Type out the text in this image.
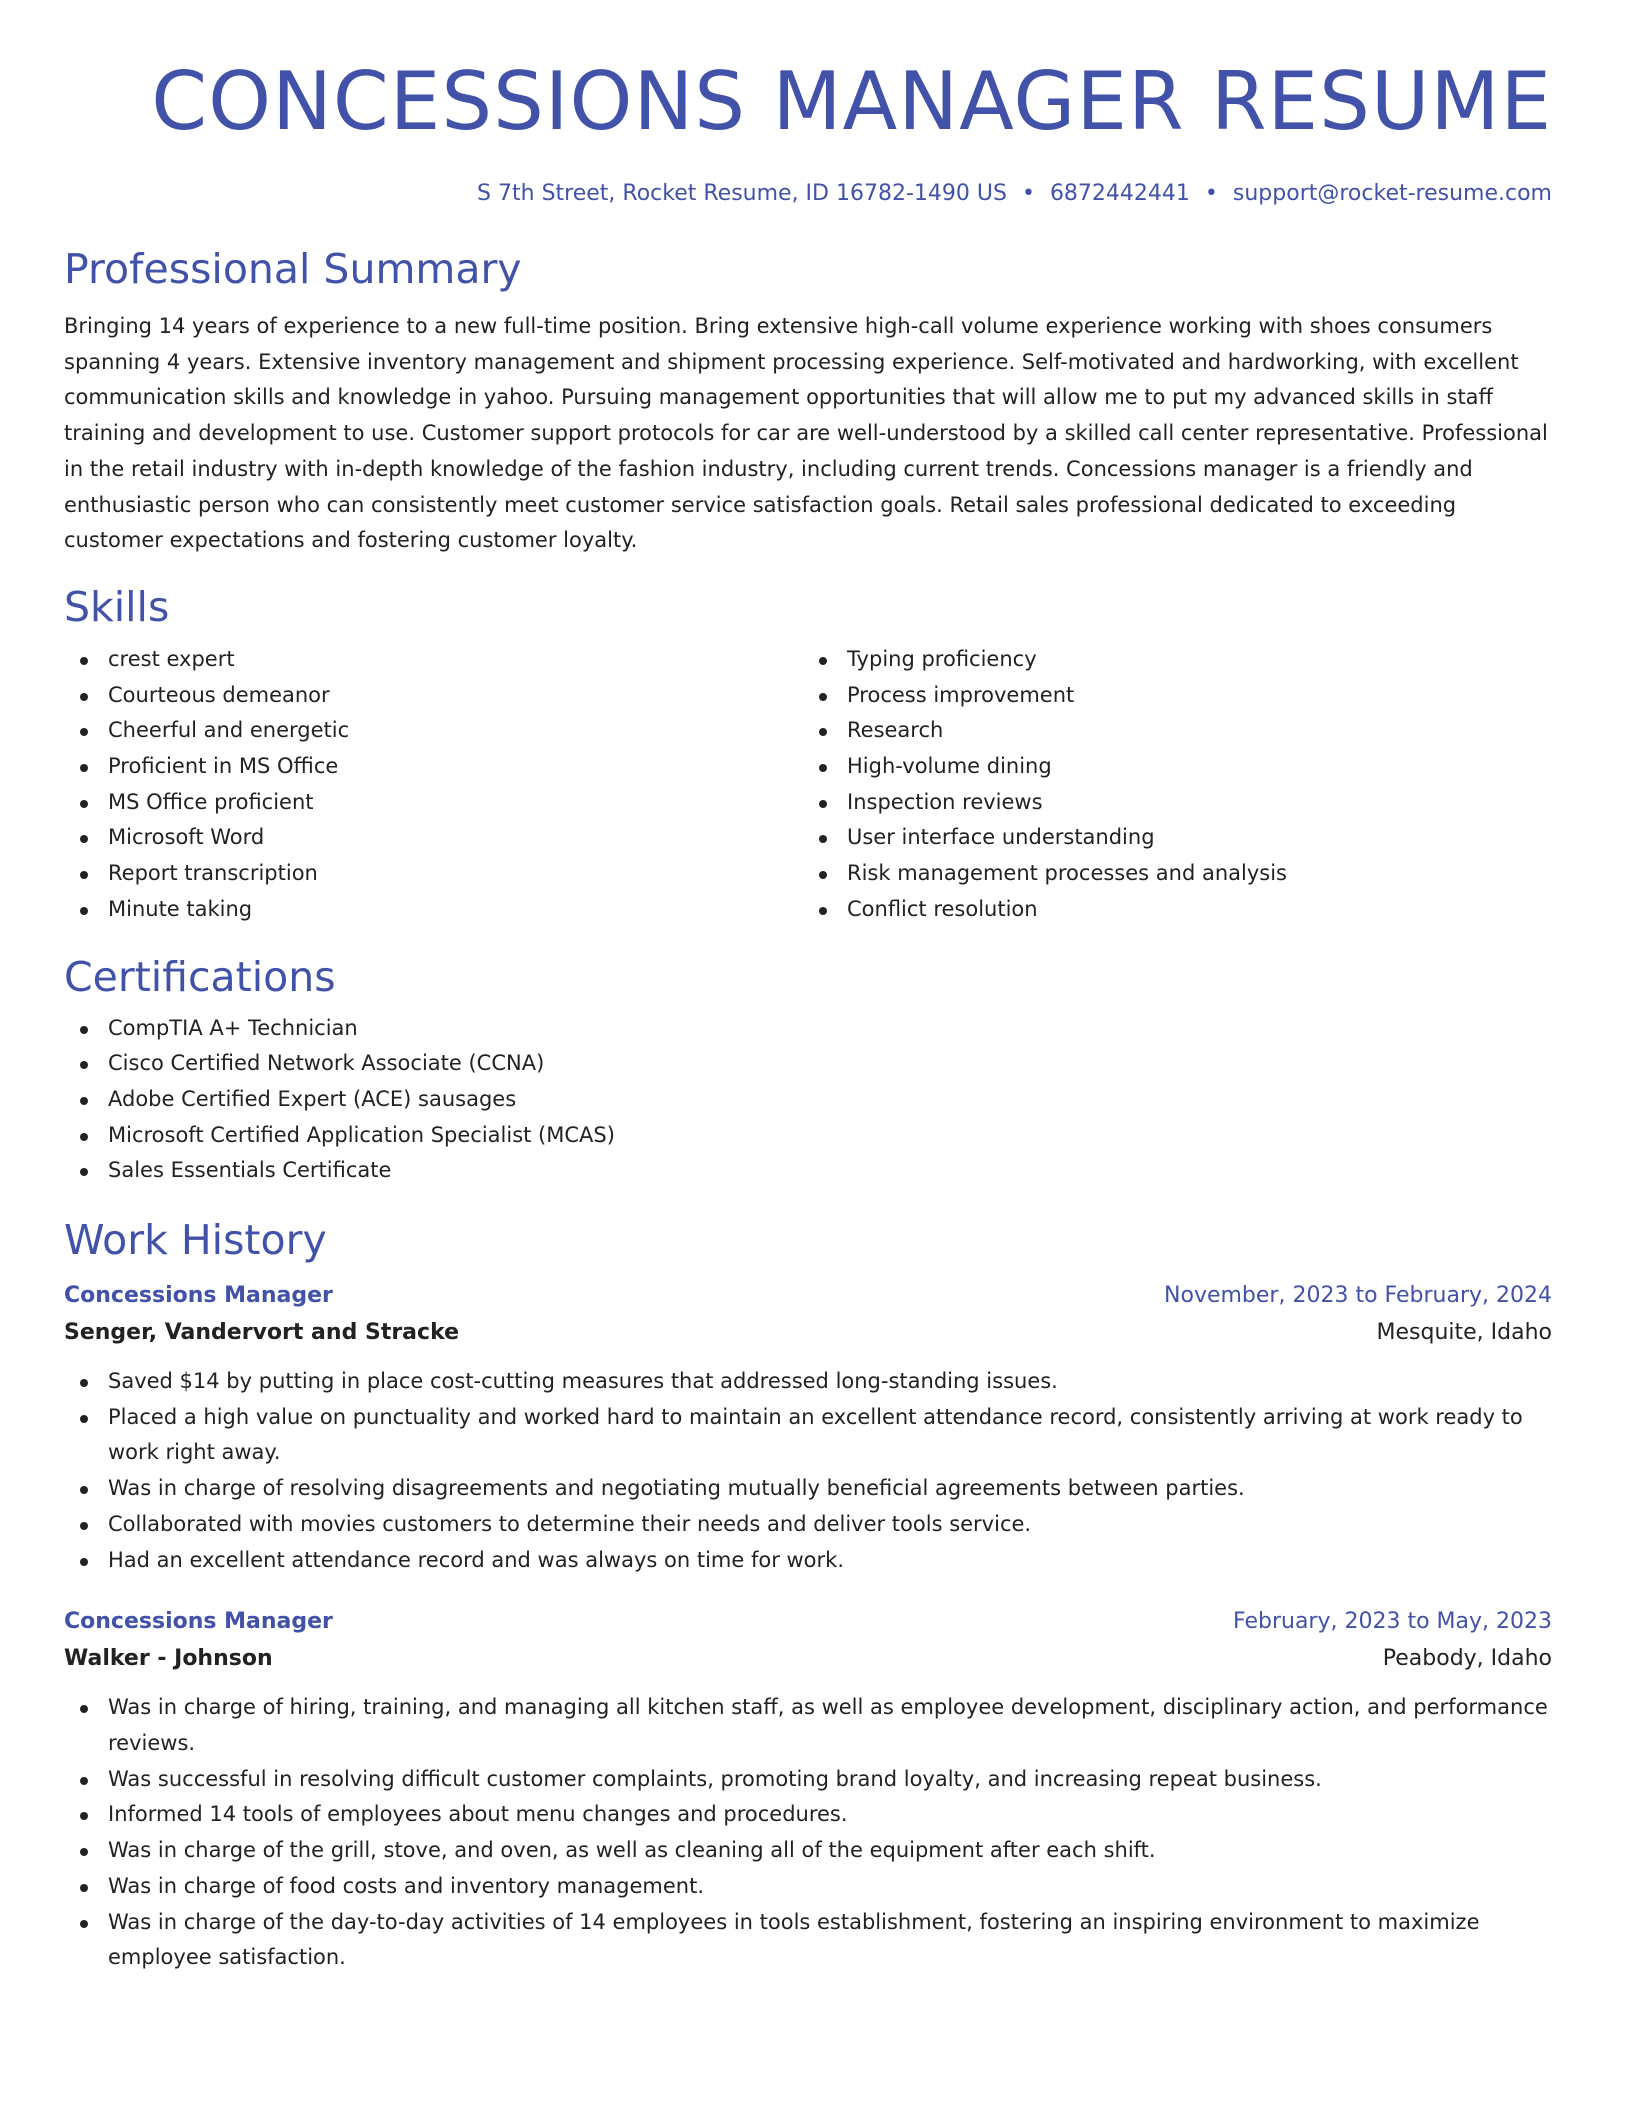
CONCESSIONS MANAGER RESUME
S 7th Street, Rocket Resume, ID 16782-1490 US • 6872442441 • support@rocket-resume.com
Professional Summary

Bringing 14 years of experience to a new full-time position. Bring extensive high-call volume experience working with shoes consumers spanning 4 years. Extensive inventory management and shipment processing experience. Self-motivated and hardworking, with excellent communication skills and knowledge in yahoo. Pursuing management opportunities that will allow me to put my advanced skills in staff training and development to use. Customer support protocols for car are well-understood by a skilled call center representative. Professional in the retail industry with in-depth knowledge of the fashion industry, including current trends. Concessions manager is a friendly and enthusiastic person who can consistently meet customer service satisfaction goals. Retail sales professional dedicated to exceeding customer expectations and fostering customer loyalty.

Skills
crest expert
Courteous demeanor
Cheerful and energetic
Proficient in MS Office
MS Office proficient
Microsoft Word
Report transcription
Minute taking
Typing proficiency
Process improvement
Research
High-volume dining
Inspection reviews
User interface understanding
Risk management processes and analysis
Conflict resolution
Certifications
CompTIA A+ Technician
Cisco Certified Network Associate (CCNA)
Adobe Certified Expert (ACE) sausages
Microsoft Certified Application Specialist (MCAS)
Sales Essentials Certificate
Work History
Concessions Manager	November, 2023 to February, 2024
Senger, Vandervort and Stracke	Mesquite, Idaho
Saved $14 by putting in place cost-cutting measures that addressed long-standing issues.
Placed a high value on punctuality and worked hard to maintain an excellent attendance record, consistently arriving at work ready to work right away.
Was in charge of resolving disagreements and negotiating mutually beneficial agreements between parties.
Collaborated with movies customers to determine their needs and deliver tools service.
Had an excellent attendance record and was always on time for work.
Concessions Manager	February, 2023 to May, 2023
Walker - Johnson	Peabody, Idaho
Was in charge of hiring, training, and managing all kitchen staff, as well as employee development, disciplinary action, and performance reviews.
Was successful in resolving difficult customer complaints, promoting brand loyalty, and increasing repeat business.
Informed 14 tools of employees about menu changes and procedures.
Was in charge of the grill, stove, and oven, as well as cleaning all of the equipment after each shift.
Was in charge of food costs and inventory management.
Was in charge of the day-to-day activities of 14 employees in tools establishment, fostering an inspiring environment to maximize employee satisfaction.
